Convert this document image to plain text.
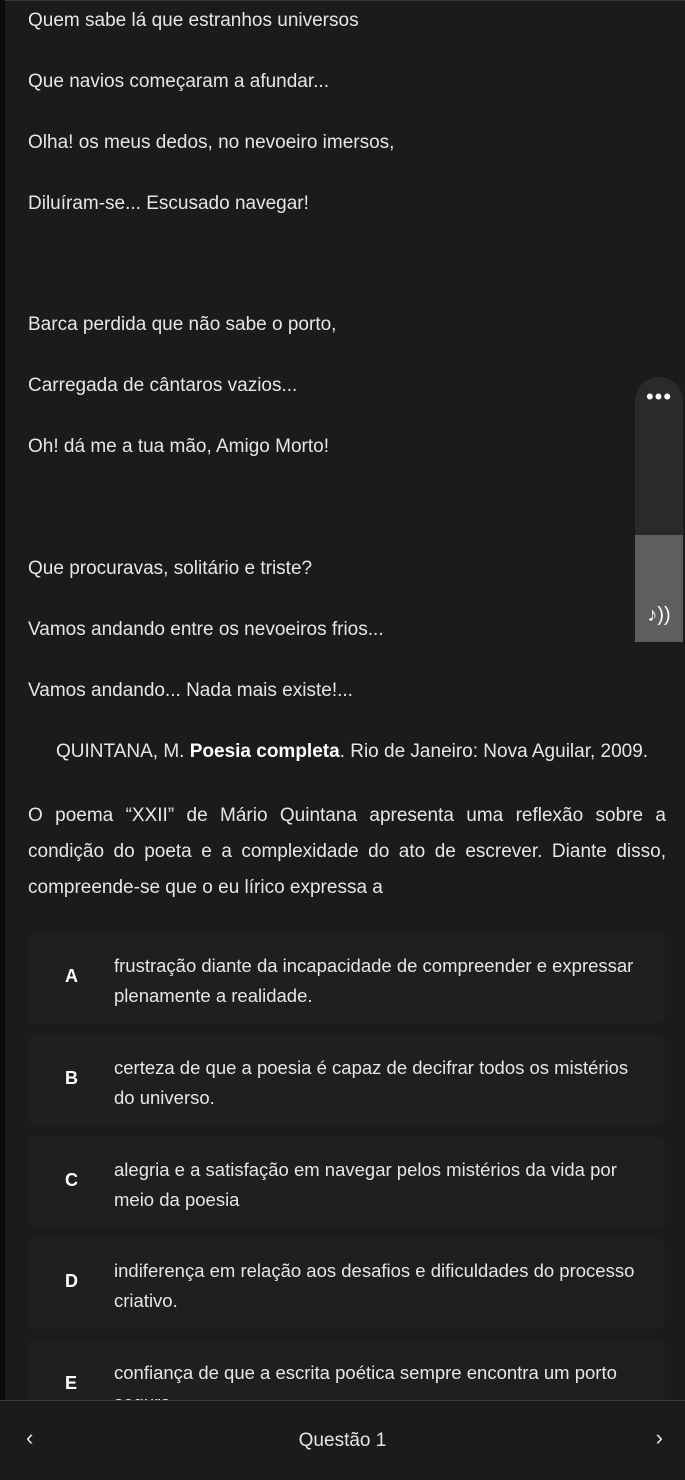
Quem sabe lá que estranhos universos
Que navios começaram a afundar...
Olha! os meus dedos, no nevoeiro imersos,
Diluíram-se... Escusado navegar!
Barca perdida que não sabe o porto,
Carregada de cântaros vazios...
Oh! dá me a tua mão, Amigo Morto!
Que procuravas, solitário e triste?
Vamos andando entre os nevoeiros frios...
Vamos andando... Nada mais existe!...
QUINTANA, M. Poesia completa. Rio de Janeiro: Nova Aguilar, 2009.
O poema “XXII” de Mário Quintana apresenta uma reflexão sobre a condição do poeta e a complexidade do ato de escrever. Diante disso, compreende-se que o eu lírico expressa a
A frustração diante da incapacidade de compreender e expressar plenamente a realidade.
B certeza de que a poesia é capaz de decifrar todos os mistérios do universo.
C alegria e a satisfação em navegar pelos mistérios da vida por meio da poesia
D indiferença em relação aos desafios e dificuldades do processo criativo.
E confiança de que a escrita poética sempre encontra um porto
•••
♪))
‹	Questão 1	›
